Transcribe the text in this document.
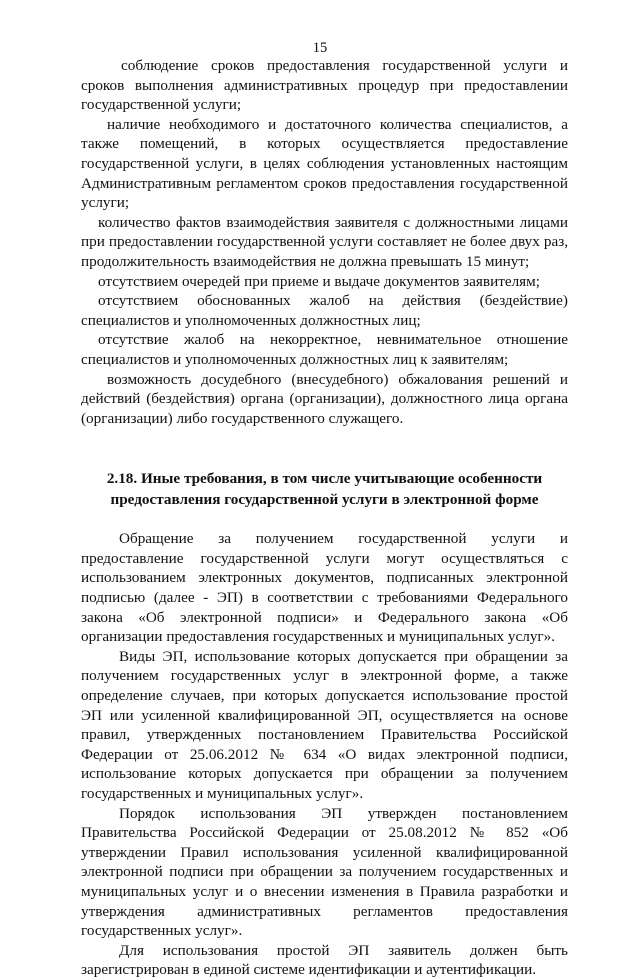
15

соблюдение сроков предоставления государственной услуги и сроков выполнения административных процедур при предоставлении государственной услуги;

наличие необходимого и достаточного количества специалистов, а также помещений, в которых осуществляется предоставление государственной услуги, в целях соблюдения установленных настоящим Административным регламентом сроков предоставления государственной услуги;

количество фактов взаимодействия заявителя с должностными лицами при предоставлении государственной услуги составляет не более двух раз, продолжительность взаимодействия не должна превышать 15 минут;

отсутствием очередей при приеме и выдаче документов заявителям;

отсутствием обоснованных жалоб на действия (бездействие) специалистов и уполномоченных должностных лиц;

отсутствие жалоб на некорректное, невнимательное отношение специалистов и уполномоченных должностных лиц к заявителям;

возможность досудебного (внесудебного) обжалования решений и действий (бездействия) органа (организации), должностного лица органа (организации) либо государственного служащего.

2.18. Иные требования, в том числе учитывающие особенности предоставления государственной услуги в электронной форме

Обращение за получением государственной услуги и предоставление государственной услуги могут осуществляться с использованием электронных документов, подписанных электронной подписью (далее - ЭП) в соответствии с требованиями Федерального закона «Об электронной подписи» и Федерального закона «Об организации предоставления государственных и муниципальных услуг».

Виды ЭП, использование которых допускается при обращении за получением государственных услуг в электронной форме, а также определение случаев, при которых допускается использование простой ЭП или усиленной квалифицированной ЭП, осуществляется на основе правил, утвержденных постановлением Правительства Российской Федерации от 25.06.2012 № 634 «О видах электронной подписи, использование которых допускается при обращении за получением государственных и муниципальных услуг».

Порядок использования ЭП утвержден постановлением Правительства Российской Федерации от 25.08.2012 № 852 «Об утверждении Правил использования усиленной квалифицированной электронной подписи при обращении за получением государственных и муниципальных услуг и о внесении изменения в Правила разработки и утверждения административных регламентов предоставления государственных услуг».

Для использования простой ЭП заявитель должен быть зарегистрирован в единой системе идентификации и аутентификации.
